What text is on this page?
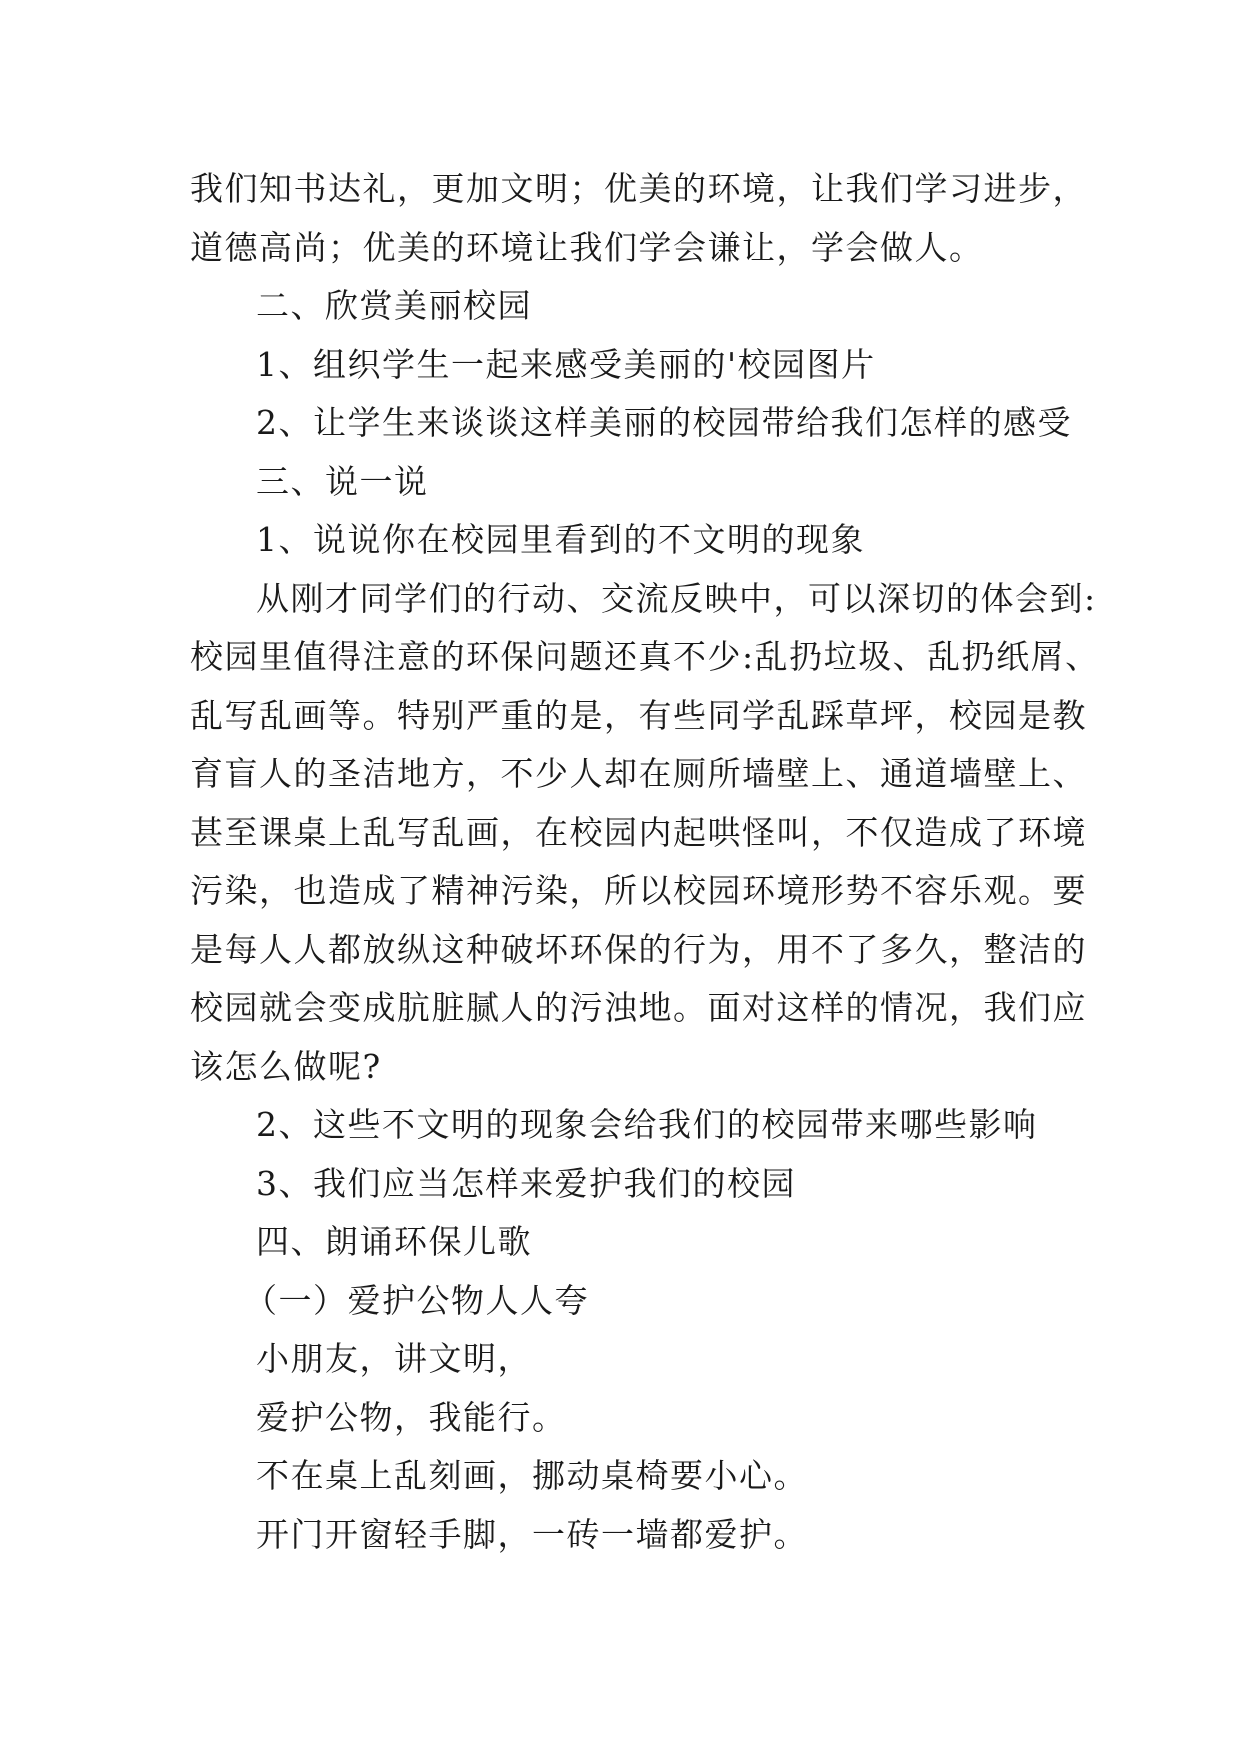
我们知书达礼，更加文明；优美的环境，让我们学习进步，
道德高尚；优美的环境让我们学会谦让，学会做人。
二、欣赏美丽校园
1、组织学生一起来感受美丽的'校园图片
2、让学生来谈谈这样美丽的校园带给我们怎样的感受
三、说一说
1、说说你在校园里看到的不文明的现象
从刚才同学们的行动、交流反映中，可以深切的体会到:
校园里值得注意的环保问题还真不少:乱扔垃圾、乱扔纸屑、
乱写乱画等。特别严重的是，有些同学乱踩草坪，校园是教
育盲人的圣洁地方，不少人却在厕所墙壁上、通道墙壁上、
甚至课桌上乱写乱画，在校园内起哄怪叫，不仅造成了环境
污染，也造成了精神污染，所以校园环境形势不容乐观。要
是每人人都放纵这种破坏环保的行为，用不了多久，整洁的
校园就会变成肮脏腻人的污浊地。面对这样的情况，我们应
该怎么做呢?
2、这些不文明的现象会给我们的校园带来哪些影响
3、我们应当怎样来爱护我们的校园
四、朗诵环保儿歌
（一）爱护公物人人夸
小朋友，讲文明，
爱护公物，我能行。
不在桌上乱刻画，挪动桌椅要小心。
开门开窗轻手脚，一砖一墙都爱护。
